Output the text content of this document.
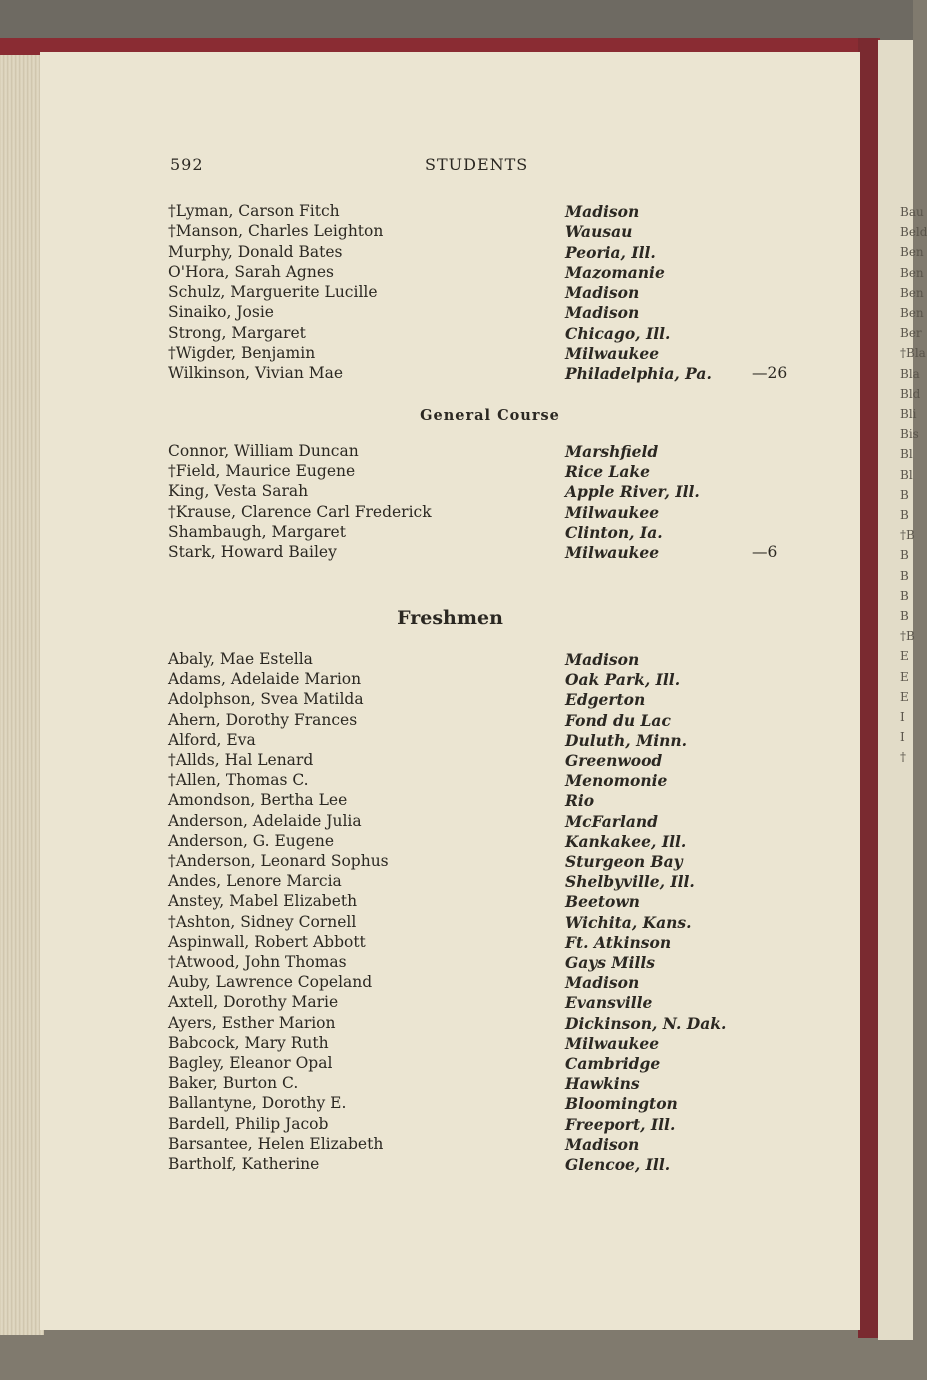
Bau
Beld
Ben
Ben
Ben
Ben
Ber
†Bla
Bla
Bld
Bli
Bis
Bl
Bl
B
B
†B
B
B
B
B
†B
E
E
E
I
I
†
592	STUDENTS
†Lyman, Carson Fitch	Madison
†Manson, Charles Leighton	Wausau
Murphy, Donald Bates	Peoria, Ill.
O'Hora, Sarah Agnes	Mazomanie
Schulz, Marguerite Lucille	Madison
Sinaiko, Josie	Madison
Strong, Margaret	Chicago, Ill.
†Wigder, Benjamin	Milwaukee
Wilkinson, Vivian Mae	Philadelphia, Pa.	—26
General Course
Connor, William Duncan	Marshfield
†Field, Maurice Eugene	Rice Lake
King, Vesta Sarah	Apple River, Ill.
†Krause, Clarence Carl Frederick	Milwaukee
Shambaugh, Margaret	Clinton, Ia.
Stark, Howard Bailey	Milwaukee	—6
Freshmen
Abaly, Mae Estella	Madison
Adams, Adelaide Marion	Oak Park, Ill.
Adolphson, Svea Matilda	Edgerton
Ahern, Dorothy Frances	Fond du Lac
Alford, Eva	Duluth, Minn.
†Allds, Hal Lenard	Greenwood
†Allen, Thomas C.	Menomonie
Amondson, Bertha Lee	Rio
Anderson, Adelaide Julia	McFarland
Anderson, G. Eugene	Kankakee, Ill.
†Anderson, Leonard Sophus	Sturgeon Bay
Andes, Lenore Marcia	Shelbyville, Ill.
Anstey, Mabel Elizabeth	Beetown
†Ashton, Sidney Cornell	Wichita, Kans.
Aspinwall, Robert Abbott	Ft. Atkinson
†Atwood, John Thomas	Gays Mills
Auby, Lawrence Copeland	Madison
Axtell, Dorothy Marie	Evansville
Ayers, Esther Marion	Dickinson, N. Dak.
Babcock, Mary Ruth	Milwaukee
Bagley, Eleanor Opal	Cambridge
Baker, Burton C.	Hawkins
Ballantyne, Dorothy E.	Bloomington
Bardell, Philip Jacob	Freeport, Ill.
Barsantee, Helen Elizabeth	Madison
Bartholf, Katherine	Glencoe, Ill.
